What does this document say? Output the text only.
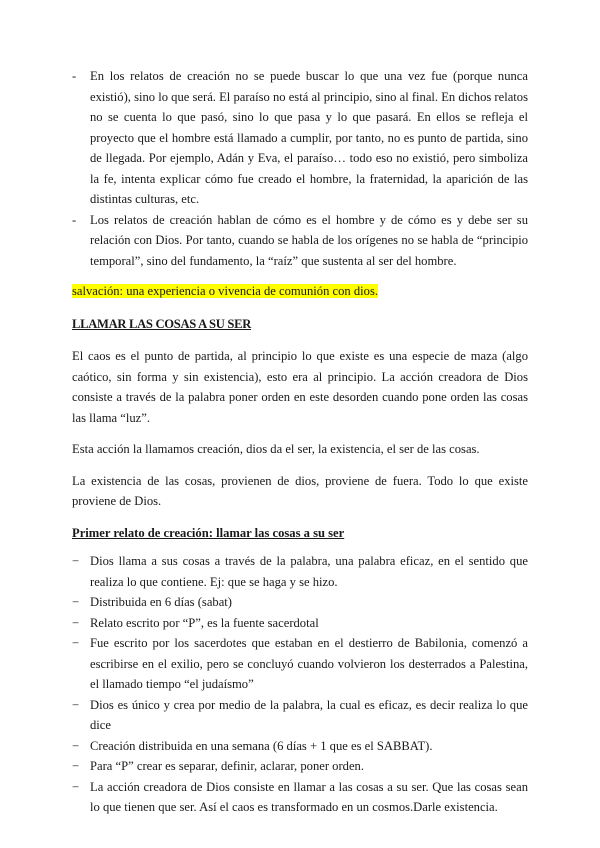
- En los relatos de creación no se puede buscar lo que una vez fue (porque nunca existió), sino lo que será. El paraíso no está al principio, sino al final. En dichos relatos no se cuenta lo que pasó, sino lo que pasa y lo que pasará. En ellos se refleja el proyecto que el hombre está llamado a cumplir, por tanto, no es punto de partida, sino de llegada. Por ejemplo, Adán y Eva, el paraíso… todo eso no existió, pero simboliza la fe, intenta explicar cómo fue creado el hombre, la fraternidad, la aparición de las distintas culturas, etc.
- Los relatos de creación hablan de cómo es el hombre y de cómo es y debe ser su relación con Dios. Por tanto, cuando se habla de los orígenes no se habla de “principio temporal”, sino del fundamento, la “raíz” que sustenta al ser del hombre.

salvación: una experiencia o vivencia de comunión con dios.

LLAMAR LAS COSAS A SU SER

El caos es el punto de partida, al principio lo que existe es una especie de maza (algo caótico, sin forma y sin existencia), esto era al principio. La acción creadora de Dios consiste a través de la palabra poner orden en este desorden cuando pone orden las cosas las llama “luz”.

Esta acción la llamamos creación, dios da el ser, la existencia, el ser de las cosas.

La existencia de las cosas, provienen de dios, proviene de fuera. Todo lo que existe proviene de Dios.

Primer relato de creación: llamar las cosas a su ser

− Dios llama a sus cosas a través de la palabra, una palabra eficaz, en el sentido que realiza lo que contiene. Ej: que se haga y se hizo.
− Distribuida en 6 días (sabat)
− Relato escrito por “P”, es la fuente sacerdotal
− Fue escrito por los sacerdotes que estaban en el destierro de Babilonia, comenzó a escribirse en el exilio, pero se concluyó cuando volvieron los desterrados a Palestina, el llamado tiempo “el judaísmo”
− Dios es único y crea por medio de la palabra, la cual es eficaz, es decir realiza lo que dice
− Creación distribuida en una semana (6 días + 1 que es el SABBAT).
− Para “P” crear es separar, definir, aclarar, poner orden.
− La acción creadora de Dios consiste en llamar a las cosas a su ser. Que las cosas sean lo que tienen que ser. Así el caos es transformado en un cosmos.Darle existencia.
